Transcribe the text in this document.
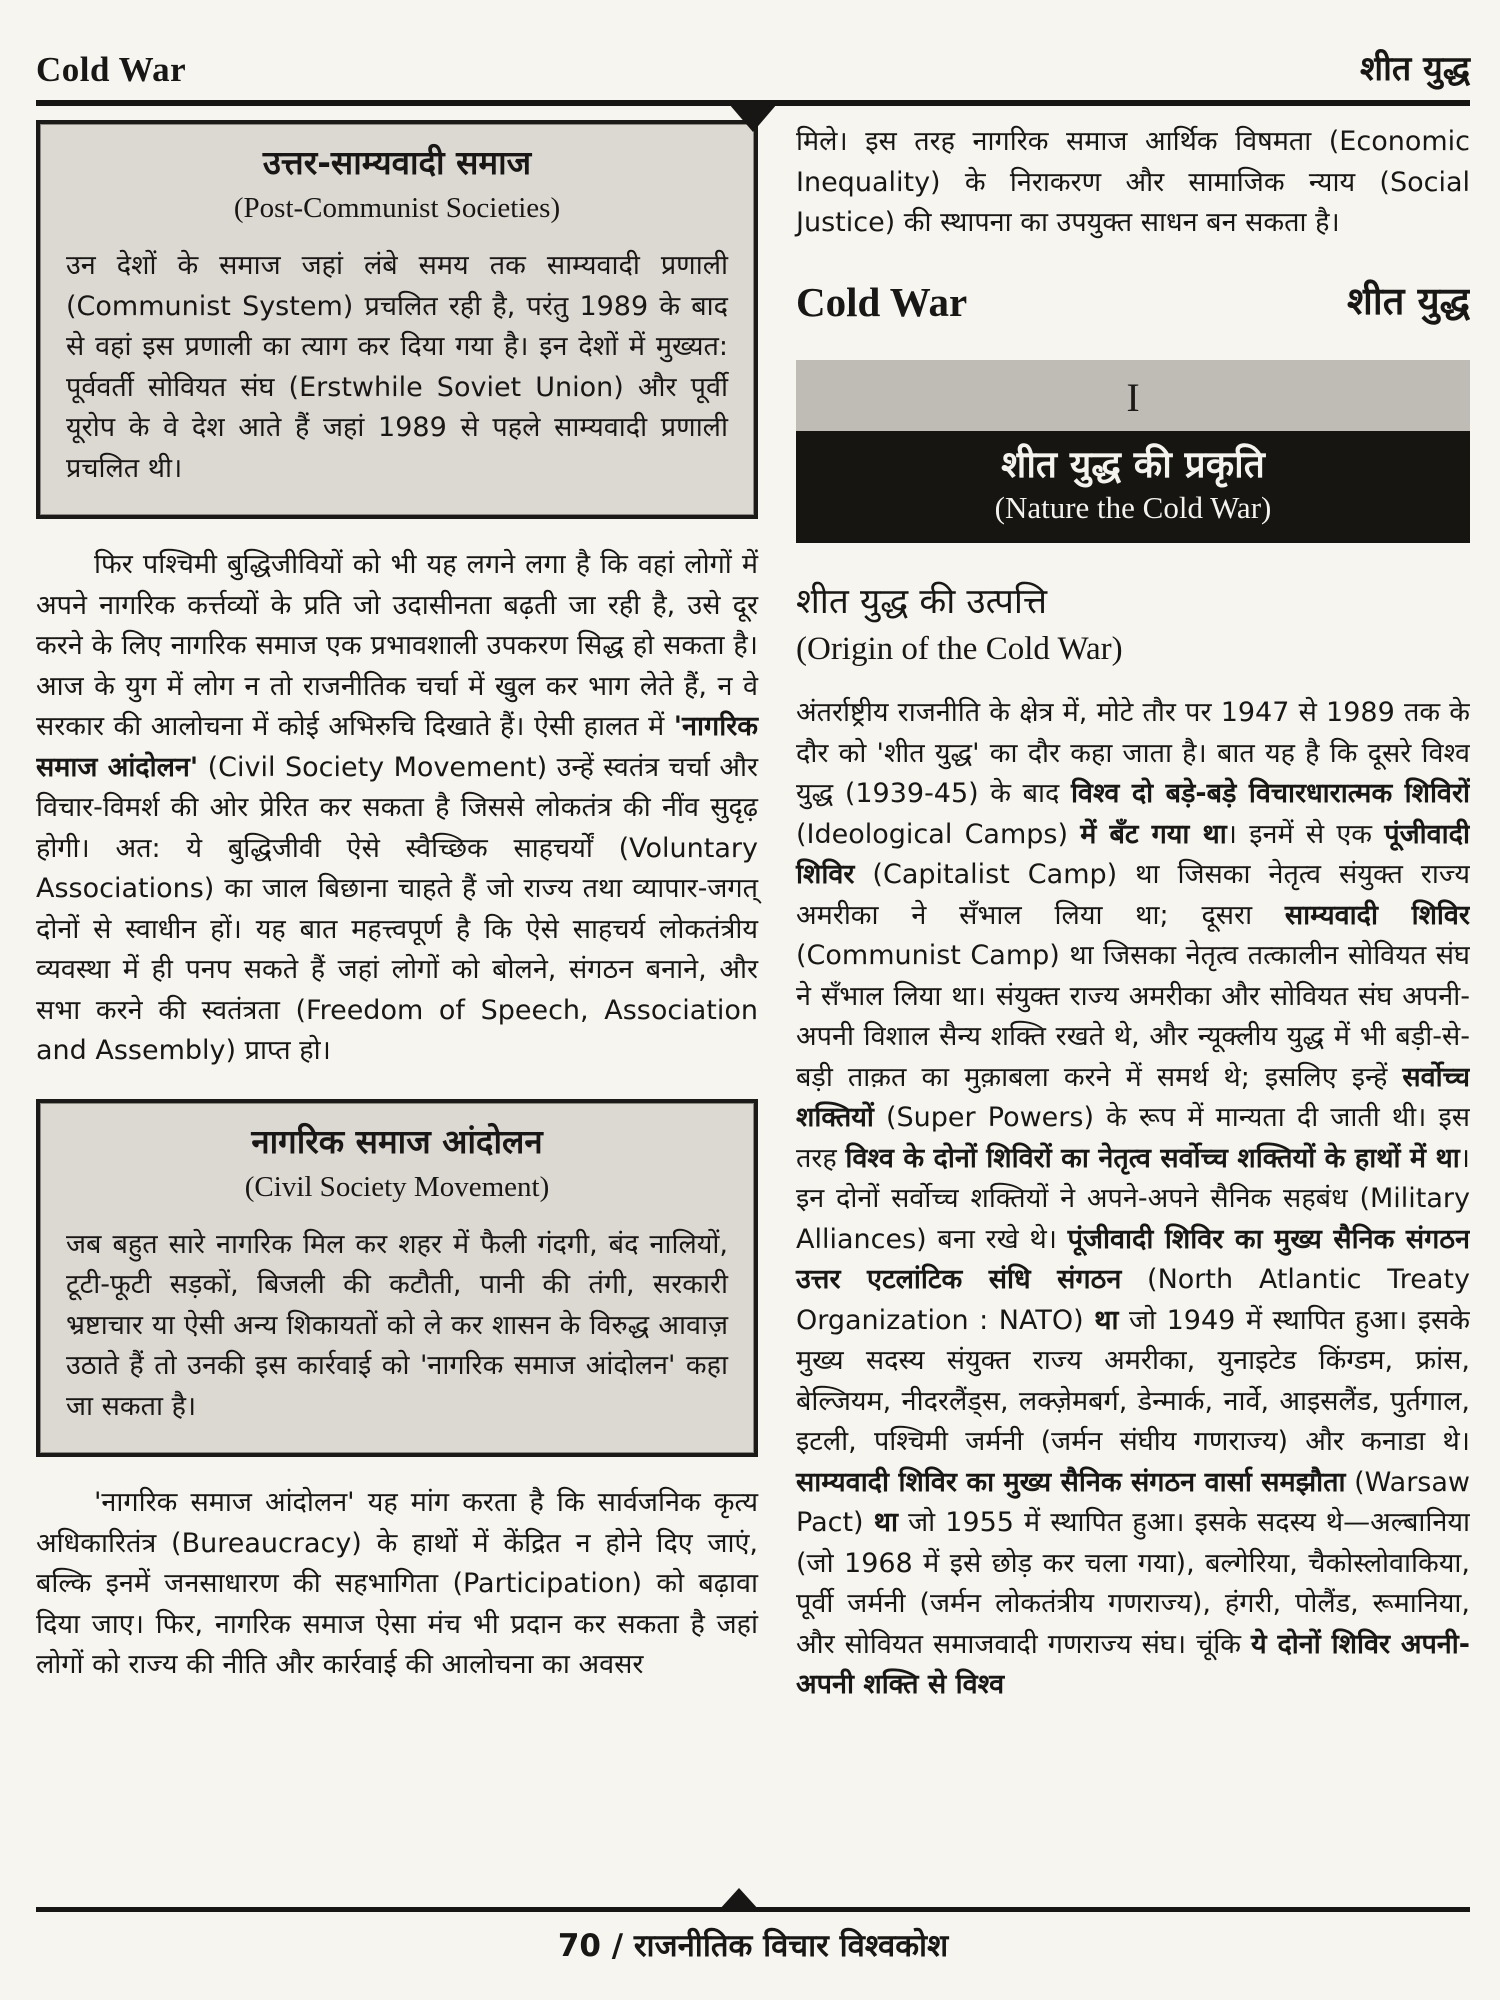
Cold War	शीत युद्ध
उत्तर-साम्यवादी समाज
(Post-Communist Societies)
उन देशों के समाज जहां लंबे समय तक साम्यवादी प्रणाली (Communist System) प्रचलित रही है, परंतु 1989 के बाद से वहां इस प्रणाली का त्याग कर दिया गया है। इन देशों में मुख्यत: पूर्ववर्ती सोवियत संघ (Erstwhile Soviet Union) और पूर्वी यूरोप के वे देश आते हैं जहां 1989 से पहले साम्यवादी प्रणाली प्रचलित थी।

फिर पश्चिमी बुद्धिजीवियों को भी यह लगने लगा है कि वहां लोगों में अपने नागरिक कर्त्तव्यों के प्रति जो उदासीनता बढ़ती जा रही है, उसे दूर करने के लिए नागरिक समाज एक प्रभावशाली उपकरण सिद्ध हो सकता है। आज के युग में लोग न तो राजनीतिक चर्चा में खुल कर भाग लेते हैं, न वे सरकार की आलोचना में कोई अभिरुचि दिखाते हैं। ऐसी हालत में 'नागरिक समाज आंदोलन' (Civil Society Movement) उन्हें स्वतंत्र चर्चा और विचार-विमर्श की ओर प्रेरित कर सकता है जिससे लोकतंत्र की नींव सुदृढ़ होगी। अत: ये बुद्धिजीवी ऐसे स्वैच्छिक साहचर्यों (Voluntary Associations) का जाल बिछाना चाहते हैं जो राज्य तथा व्यापार-जगत् दोनों से स्वाधीन हों। यह बात महत्त्वपूर्ण है कि ऐसे साहचर्य लोकतंत्रीय व्यवस्था में ही पनप सकते हैं जहां लोगों को बोलने, संगठन बनाने, और सभा करने की स्वतंत्रता (Freedom of Speech, Association and Assembly) प्राप्त हो।

नागरिक समाज आंदोलन
(Civil Society Movement)
जब बहुत सारे नागरिक मिल कर शहर में फैली गंदगी, बंद नालियों, टूटी-फूटी सड़कों, बिजली की कटौती, पानी की तंगी, सरकारी भ्रष्टाचार या ऐसी अन्य शिकायतों को ले कर शासन के विरुद्ध आवाज़ उठाते हैं तो उनकी इस कार्रवाई को 'नागरिक समाज आंदोलन' कहा जा सकता है।

'नागरिक समाज आंदोलन' यह मांग करता है कि सार्वजनिक कृत्य अधिकारितंत्र (Bureaucracy) के हाथों में केंद्रित न होने दिए जाएं, बल्कि इनमें जनसाधारण की सहभागिता (Participation) को बढ़ावा दिया जाए। फिर, नागरिक समाज ऐसा मंच भी प्रदान कर सकता है जहां लोगों को राज्य की नीति और कार्रवाई की आलोचना का अवसर

मिले। इस तरह नागरिक समाज आर्थिक विषमता (Economic Inequality) के निराकरण और सामाजिक न्याय (Social Justice) की स्थापना का उपयुक्त साधन बन सकता है।

Cold War	शीत युद्ध
I
शीत युद्ध की प्रकृति
(Nature the Cold War)
शीत युद्ध की उत्पत्ति
(Origin of the Cold War)

अंतर्राष्ट्रीय राजनीति के क्षेत्र में, मोटे तौर पर 1947 से 1989 तक के दौर को 'शीत युद्ध' का दौर कहा जाता है। बात यह है कि दूसरे विश्व युद्ध (1939-45) के बाद विश्व दो बड़े-बड़े विचारधारात्मक शिविरों (Ideological Camps) में बँट गया था। इनमें से एक पूंजीवादी शिविर (Capitalist Camp) था जिसका नेतृत्व संयुक्त राज्य अमरीका ने सँभाल लिया था; दूसरा साम्यवादी शिविर (Communist Camp) था जिसका नेतृत्व तत्कालीन सोवियत संघ ने सँभाल लिया था। संयुक्त राज्य अमरीका और सोवियत संघ अपनी-अपनी विशाल सैन्य शक्ति रखते थे, और न्यूक्लीय युद्ध में भी बड़ी-से-बड़ी ताक़त का मुक़ाबला करने में समर्थ थे; इसलिए इन्हें सर्वोच्च शक्तियों (Super Powers) के रूप में मान्यता दी जाती थी। इस तरह विश्व के दोनों शिविरों का नेतृत्व सर्वोच्च शक्तियों के हाथों में था। इन दोनों सर्वोच्च शक्तियों ने अपने-अपने सैनिक सहबंध (Military Alliances) बना रखे थे। पूंजीवादी शिविर का मुख्य सैनिक संगठन उत्तर एटलांटिक संधि संगठन (North Atlantic Treaty Organization : NATO) था जो 1949 में स्थापित हुआ। इसके मुख्य सदस्य संयुक्त राज्य अमरीका, युनाइटेड किंग्डम, फ्रांस, बेल्जियम, नीदरलैंड्स, लक्ज़ेमबर्ग, डेन्मार्क, नार्वे, आइसलैंड, पुर्तगाल, इटली, पश्चिमी जर्मनी (जर्मन संघीय गणराज्य) और कनाडा थे। साम्यवादी शिविर का मुख्य सैनिक संगठन वार्सा समझौता (Warsaw Pact) था जो 1955 में स्थापित हुआ। इसके सदस्य थे—अल्बानिया (जो 1968 में इसे छोड़ कर चला गया), बल्गेरिया, चैकोस्लोवाकिया, पूर्वी जर्मनी (जर्मन लोकतंत्रीय गणराज्य), हंगरी, पोलैंड, रूमानिया, और सोवियत समाजवादी गणराज्य संघ। चूंकि ये दोनों शिविर अपनी-अपनी शक्ति से विश्व

70 / राजनीतिक विचार विश्वकोश
